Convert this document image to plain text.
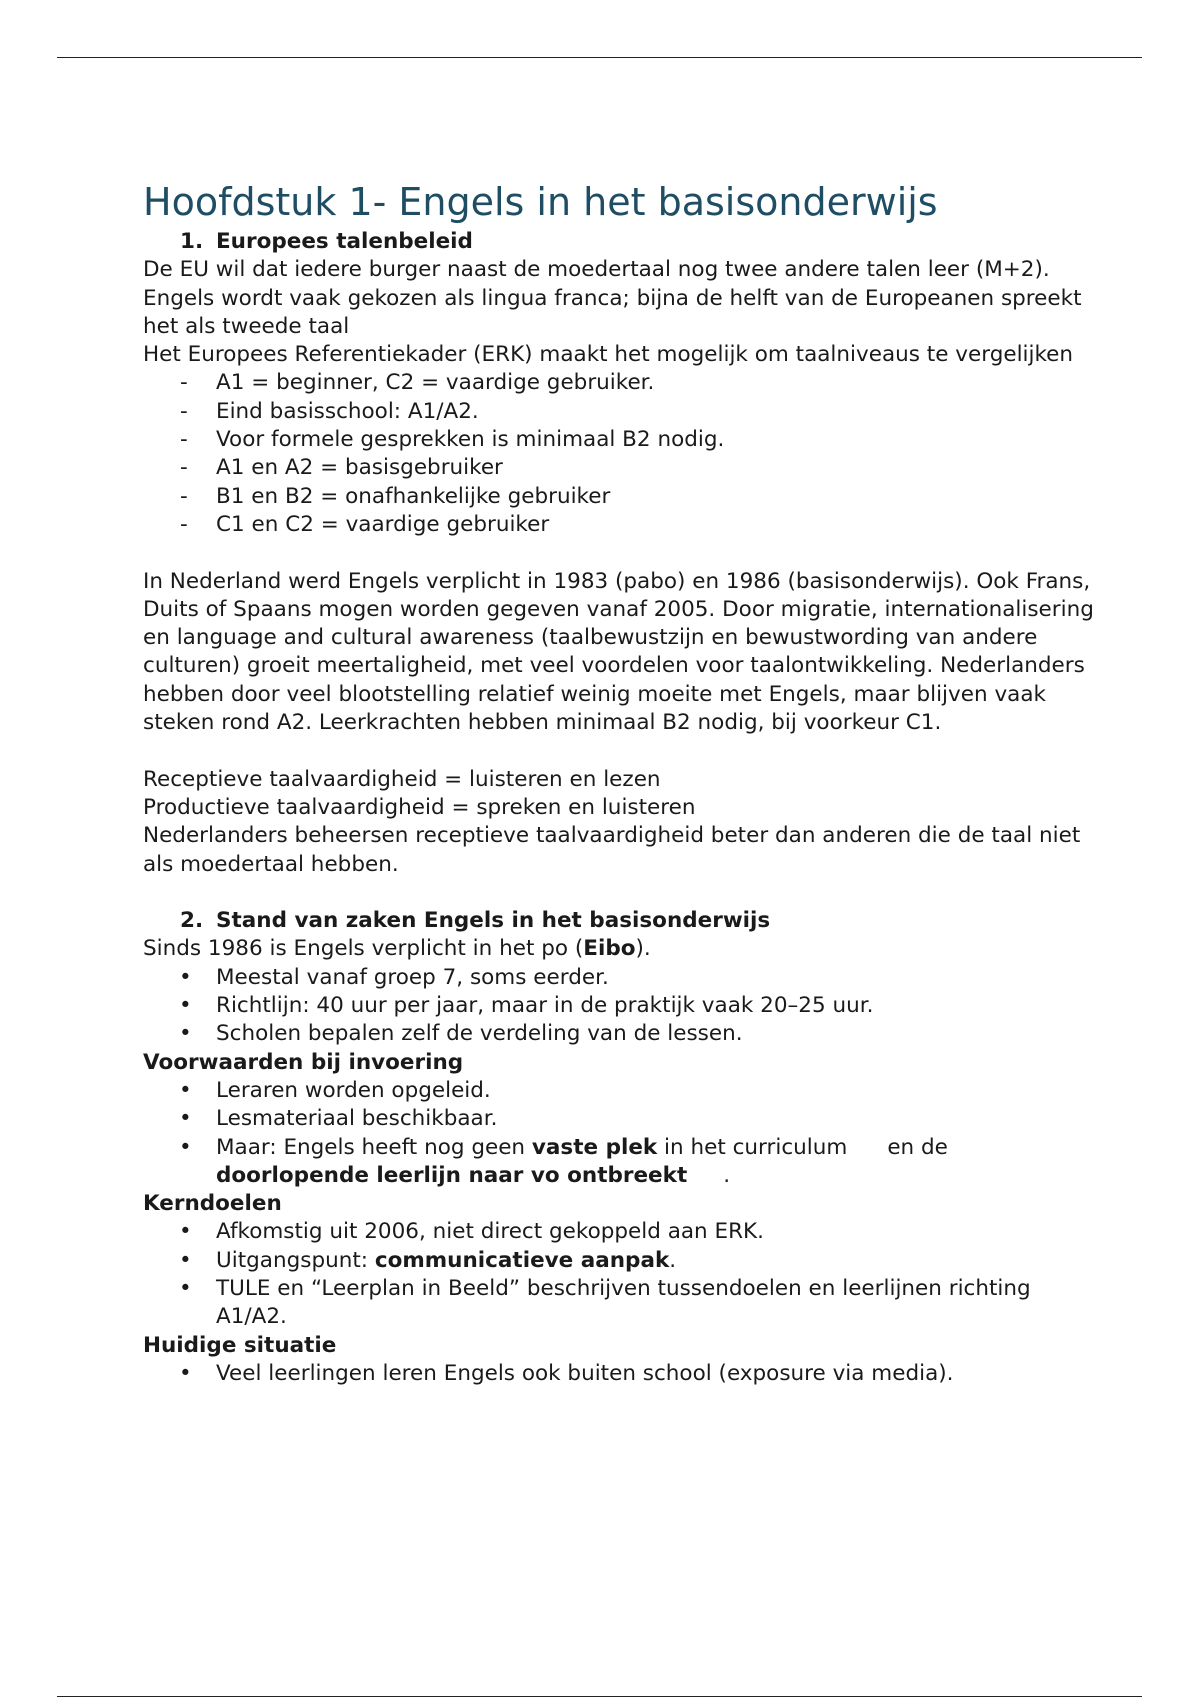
Hoofdstuk 1- Engels in het basisonderwijs
1. Europees talenbeleid

De EU wil dat iedere burger naast de moedertaal nog twee andere talen leer (M+2). Engels wordt vaak gekozen als lingua franca; bijna de helft van de Europeanen spreekt het als tweede taal

Het Europees Referentiekader (ERK) maakt het mogelijk om taalniveaus te vergelijken

- A1 = beginner, C2 = vaardige gebruiker.
- Eind basisschool: A1/A2.
- Voor formele gesprekken is minimaal B2 nodig.
- A1 en A2 = basisgebruiker
- B1 en B2 = onafhankelijke gebruiker
- C1 en C2 = vaardige gebruiker

In Nederland werd Engels verplicht in 1983 (pabo) en 1986 (basisonderwijs). Ook Frans, Duits of Spaans mogen worden gegeven vanaf 2005. Door migratie, internationalisering en language and cultural awareness (taalbewustzijn en bewustwording van andere culturen) groeit meertaligheid, met veel voordelen voor taalontwikkeling. Nederlanders hebben door veel blootstelling relatief weinig moeite met Engels, maar blijven vaak steken rond A2. Leerkrachten hebben minimaal B2 nodig, bij voorkeur C1.

Receptieve taalvaardigheid = luisteren en lezen

Productieve taalvaardigheid = spreken en luisteren

Nederlanders beheersen receptieve taalvaardigheid beter dan anderen die de taal niet als moedertaal hebben.

2. Stand van zaken Engels in het basisonderwijs

Sinds 1986 is Engels verplicht in het po (Eibo).

• Meestal vanaf groep 7, soms eerder.
• Richtlijn: 40 uur per jaar, maar in de praktijk vaak 20–25 uur.
• Scholen bepalen zelf de verdeling van de lessen.
Voorwaarden bij invoering
• Leraren worden opgeleid.
• Lesmateriaal beschikbaar.
• Maar: Engels heeft nog geen vaste plek in het curriculum en de
doorlopende leerlijn naar vo ontbreekt .
Kerndoelen
• Afkomstig uit 2006, niet direct gekoppeld aan ERK.
• Uitgangspunt: communicatieve aanpak.
• TULE en “Leerplan in Beeld” beschrijven tussendoelen en leerlijnen richting A1/A2.
Huidige situatie
• Veel leerlingen leren Engels ook buiten school (exposure via media).
